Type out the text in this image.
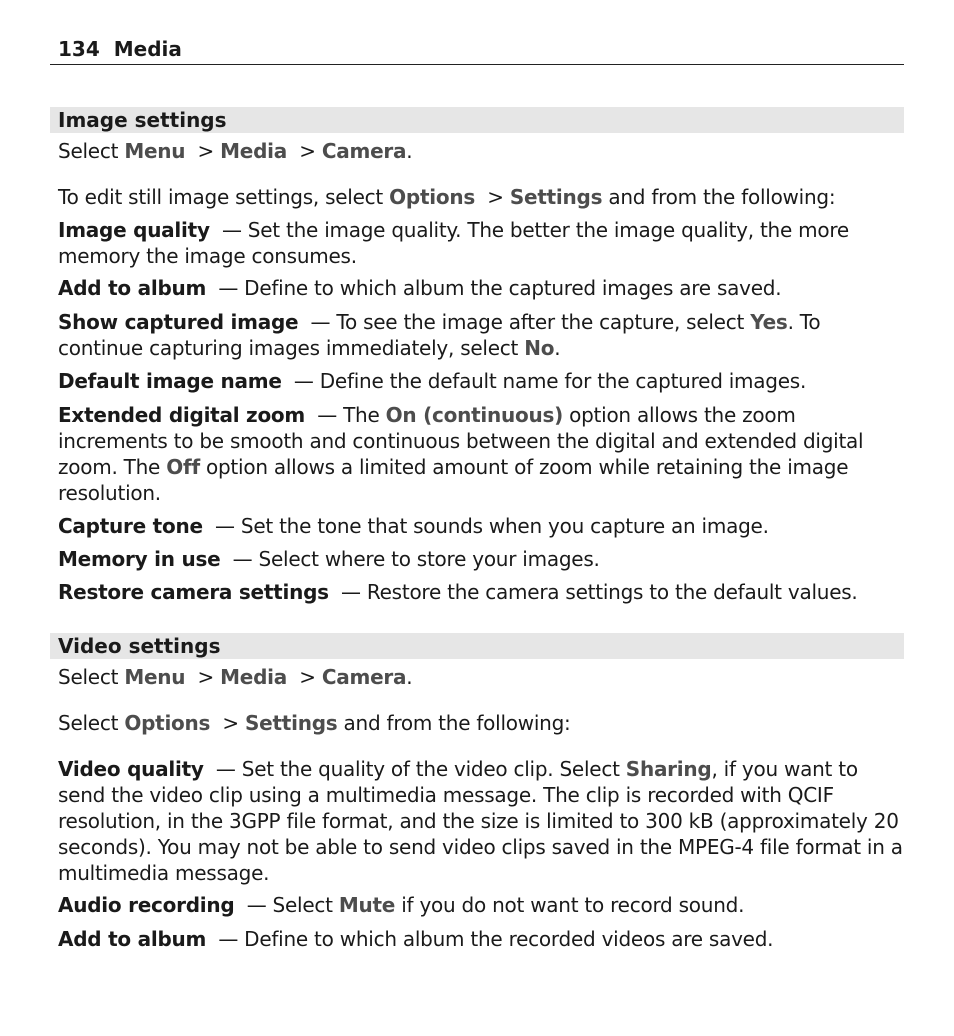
134 Media
Image settings
Select Menu > Media > Camera.
To edit still image settings, select Options > Settings and from the following:
Image quality — Set the image quality. The better the image quality, the more memory the image consumes.
Add to album — Define to which album the captured images are saved.
Show captured image — To see the image after the capture, select Yes. To continue capturing images immediately, select No.
Default image name — Define the default name for the captured images.
Extended digital zoom — The On (continuous) option allows the zoom increments to be smooth and continuous between the digital and extended digital zoom. The Off option allows a limited amount of zoom while retaining the image resolution.
Capture tone — Set the tone that sounds when you capture an image.
Memory in use — Select where to store your images.
Restore camera settings — Restore the camera settings to the default values.
Video settings
Select Menu > Media > Camera.
Select Options > Settings and from the following:
Video quality — Set the quality of the video clip. Select Sharing, if you want to send the video clip using a multimedia message. The clip is recorded with QCIF resolution, in the 3GPP file format, and the size is limited to 300 kB (approximately 20 seconds). You may not be able to send video clips saved in the MPEG-4 file format in a multimedia message.
Audio recording — Select Mute if you do not want to record sound.
Add to album — Define to which album the recorded videos are saved.
